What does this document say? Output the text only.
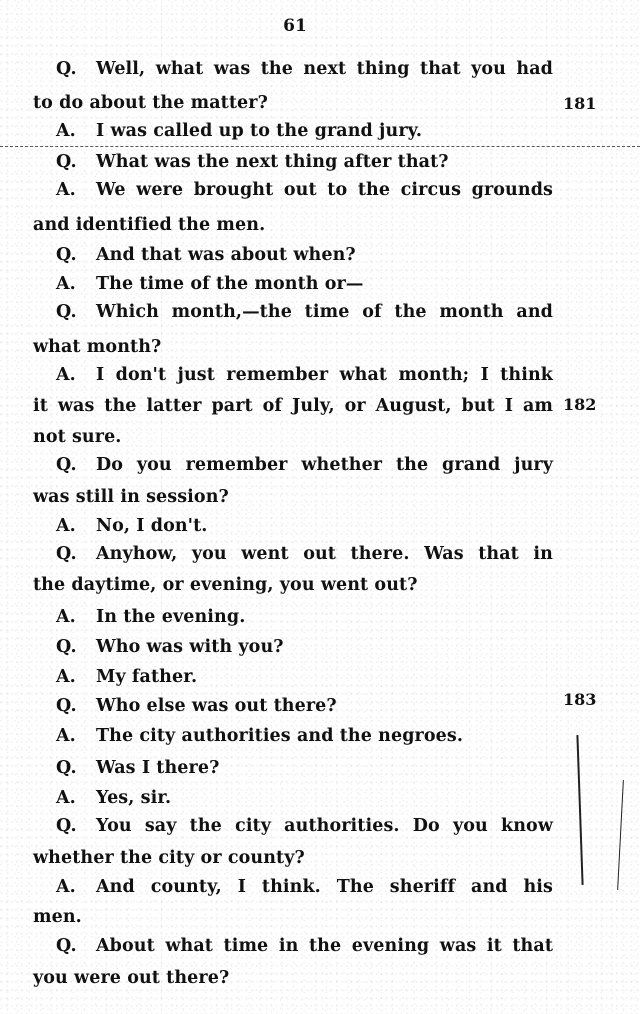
61
Q. Well, what was the next thing that you had
to do about the matter?
A. I was called up to the grand jury.
Q. What was the next thing after that?
A. We were brought out to the circus grounds
and identified the men.
Q. And that was about when?
A. The time of the month or—
Q. Which month,—the time of the month and
what month?
A. I don't just remember what month; I think
it was the latter part of July, or August, but I am
not sure.
Q. Do you remember whether the grand jury
was still in session?
A. No, I don't.
Q. Anyhow, you went out there. Was that in
the daytime, or evening, you went out?
A. In the evening.
Q. Who was with you?
A. My father.
Q. Who else was out there?
A. The city authorities and the negroes.
Q. Was I there?
A. Yes, sir.
Q. You say the city authorities. Do you know
whether the city or county?
A. And county, I think. The sheriff and his
men.
Q. About what time in the evening was it that
you were out there?
181
182
183
